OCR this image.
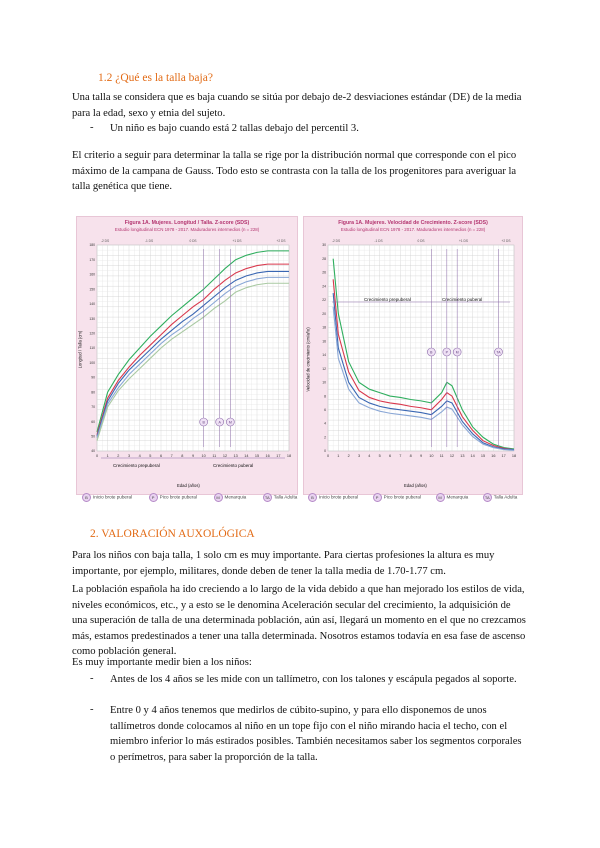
1.2 ¿Qué es la talla baja?
Una talla se considera que es baja cuando se sitúa por debajo de-2 desviaciones estándar (DE) de la media para la edad, sexo y etnia del sujeto.
- Un niño es bajo cuando está 2 tallas debajo del percentil 3.
El criterio a seguir para determinar la talla se rige por la distribución normal que corresponde con el pico máximo de la campana de Gauss. Todo esto se contrasta con la talla de los progenitores para averiguar la talla genética que tiene.
Figura 1A. Mujeres. Longitud / Talla. Z-score (SDS)
Estudio longitudinal ECN 1978 - 2017. Maduradores intermedios (n = 228)
0 1 2 3 4 5 6 7 8 9 10 11 12 13 14 15 16 17 18
40
50
60
70
80
90
100
110
120
130
140
150
160
170
180
-2 DS	-1 DS	0 DS	+1 DS	+2 DS
B	A M
Crecimiento prepuberal	Crecimiento puberal
Edad (años)
Longitud / Talla (cm)
Figura 1A. Mujeres. Velocidad de Crecimiento. Z-score (SDS)
Estudio longitudinal ECN 1978 - 2017. Maduradores intermedios (n = 228)
0 1 2 3 4 5 6 7 8 9 10 11 12 13 14 15 16 17 18
0
2
4
6
8
10
12
14
16
18
20
22
24
26
28
30
-2 DS	-1 DS	0 DS	+1 DS	+2 DS
B	P M	TA
Crecimiento prepuberal	Crecimiento puberal
Edad (años)
Velocidad de crecimiento (cm/año)
B Inicio brote puberal	P Pico brote puberal	M Menarquia	TA Talla Adulta	B Inicio brote puberal	P Pico brote puberal	M Menarquia	TA Talla Adulta
2. VALORACIÓN AUXOLÓGICA
Para los niños con baja talla, 1 solo cm es muy importante. Para ciertas profesiones la altura es muy importante, por ejemplo, militares, donde deben de tener la talla media de 1.70-1.77 cm.
La población española ha ido creciendo a lo largo de la vida debido a que han mejorado los estilos de vida, niveles económicos, etc., y a esto se le denomina Aceleración secular del crecimiento, la adquisición de una superación de talla de una determinada población, aún así, llegará un momento en el que no crezcamos más, estamos predestinados a tener una talla determinada. Nosotros estamos todavía en esa fase de ascenso como población general.
Es muy importante medir bien a los niños:
- Antes de los 4 años se les mide con un tallímetro, con los talones y escápula pegados al soporte.
- Entre 0 y 4 años tenemos que medirlos de cúbito-supino, y para ello disponemos de unos tallímetros donde colocamos al niño en un tope fijo con el niño mirando hacia el techo, con el miembro inferior lo más estirados posibles. También necesitamos saber los segmentos corporales o perímetros, para saber la proporción de la talla.
